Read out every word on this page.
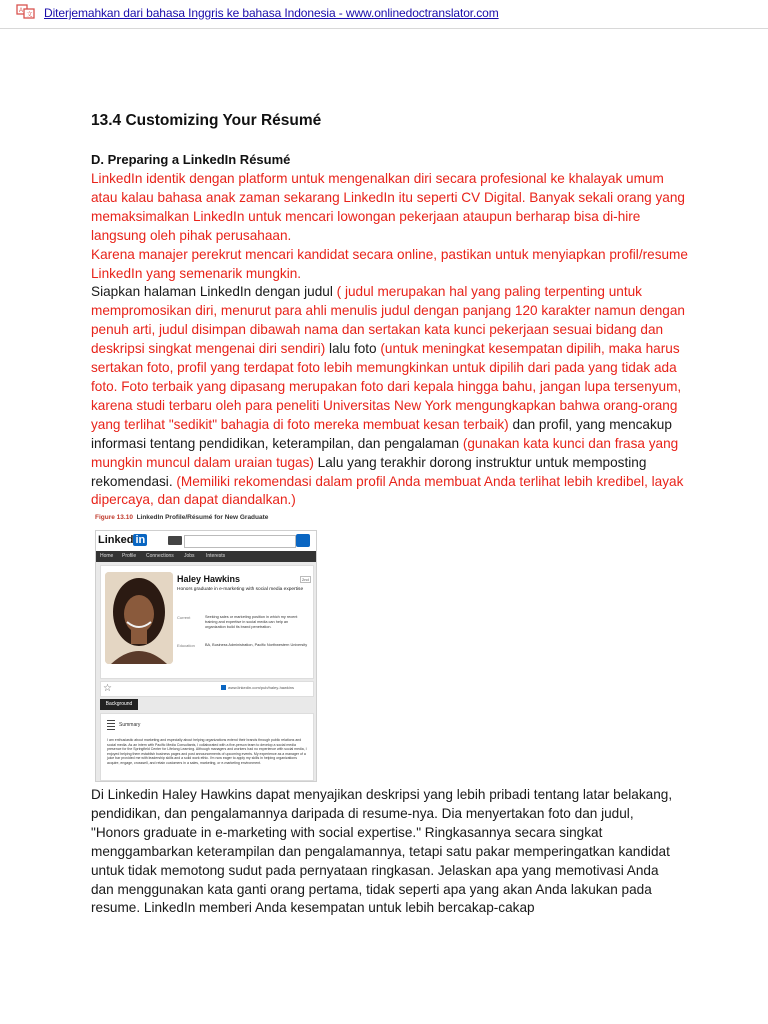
A
文 Diterjemahkan dari bahasa Inggris ke bahasa Indonesia - www.onlinedoctranslator.com
13.4 Customizing Your Résumé
D. Preparing a LinkedIn Résumé

LinkedIn identik dengan platform untuk mengenalkan diri secara profesional ke khalayak umum atau kalau bahasa anak zaman sekarang LinkedIn itu seperti CV Digital. Banyak sekali orang yang memaksimalkan LinkedIn untuk mencari lowongan pekerjaan ataupun berharap bisa di-hire langsung oleh pihak perusahaan.

Karena manajer perekrut mencari kandidat secara online, pastikan untuk menyiapkan profil/resume LinkedIn yang semenarik mungkin.

Siapkan halaman LinkedIn dengan judul ( judul merupakan hal yang paling terpenting untuk mempromosikan diri, menurut para ahli menulis judul dengan panjang 120 karakter namun dengan penuh arti, judul disimpan dibawah nama dan sertakan kata kunci pekerjaan sesuai bidang dan deskripsi singkat mengenai diri sendiri) lalu foto (untuk meningkat kesempatan dipilih, maka harus sertakan foto, profil yang terdapat foto lebih memungkinkan untuk dipilih dari pada yang tidak ada foto. Foto terbaik yang dipasang merupakan foto dari kepala hingga bahu, jangan lupa tersenyum, karena studi terbaru oleh para peneliti Universitas New York mengungkapkan bahwa orang-orang yang terlihat "sedikit" bahagia di foto mereka membuat kesan terbaik) dan profil, yang mencakup informasi tentang pendidikan, keterampilan, dan pengalaman (gunakan kata kunci dan frasa yang mungkin muncul dalam uraian tugas) Lalu yang terakhir dorong instruktur untuk memposting rekomendasi. (Memiliki rekomendasi dalam profil Anda membuat Anda terlihat lebih kredibel, layak dipercaya, dan dapat diandalkan.)

Figure 13.10 LinkedIn Profile/Résumé for New Graduate
Linked in
Home Profile Connections Jobs Interests
Haley Hawkins
Honors graduate in e-marketing with social media expertise
2nd
Current	Seeking sales or marketing position in which my recent training and expertise in social media can help an organization build its brand penetration.
Education	BA, Business Administration, Pacific Northwestern University
☆	www.linkedin.com/pub/haley-hawkins
Background
Summary
I am enthusiastic about marketing and especially about helping organizations extend their brands through public relations and social media. As an intern with Pacific Media Consultants, I collaborated with a five-person team to develop a social media presence for the Springfield Center for Lifelong Learning. Although managers and workers had no experience with social media, I enjoyed helping them establish business pages and post announcements of upcoming events. My experience as a manager of a juice bar provided me with leadership skills and a solid work ethic. I'm now eager to apply my skills in helping organizations acquire, engage, crosssell, and retain customers in a sales, marketing, or e-marketing environment.

Di Linkedin Haley Hawkins dapat menyajikan deskripsi yang lebih pribadi tentang latar belakang, pendidikan, dan pengalamannya daripada di resume-nya. Dia menyertakan foto dan judul, "Honors graduate in e-marketing with social expertise." Ringkasannya secara singkat menggambarkan keterampilan dan pengalamannya, tetapi satu pakar memperingatkan kandidat untuk tidak memotong sudut pada pernyataan ringkasan. Jelaskan apa yang memotivasi Anda dan menggunakan kata ganti orang pertama, tidak seperti apa yang akan Anda lakukan pada resume. LinkedIn memberi Anda kesempatan untuk lebih bercakap-cakap
